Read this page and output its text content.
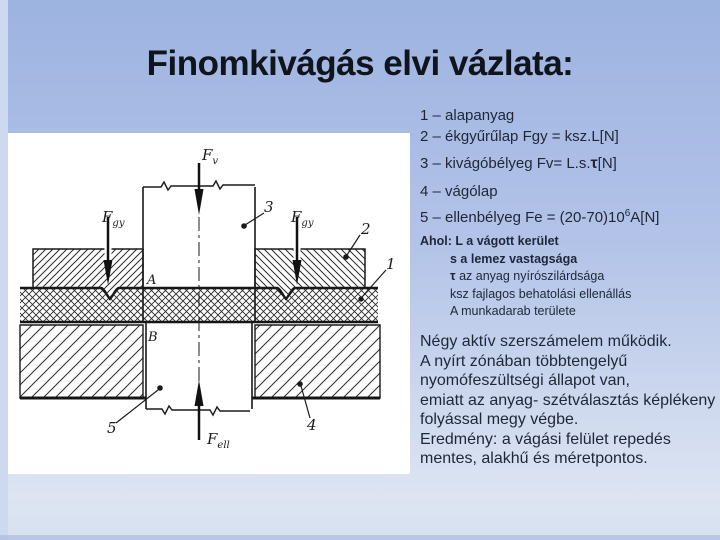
Finomkivágás elvi vázlata:
$F_v$
$F_{gy}$	$F_{gy}$
$F_{ell}$
3
2
1
4
5
A
B
1 – alapanyag
2 – ékgyűrűlap Fgy = ksz.L[N]
3 – kivágóbélyeg Fv= L.s.τ[N]
4 – vágólap
5 – ellenbélyeg $Fe = (20-70)10^6A[N]$
Ahol: L a vágott kerület
s a lemez vastagsága
τ az anyag nyírószilárdsága
ksz fajlagos behatolási ellenállás
A munkadarab területe

Négy aktív szerszámelem működik.

A nyírt zónában többtengelyű nyomófeszültségi állapot van,

emiatt az anyag- szétválasztás képlékeny folyással megy végbe.

Eredmény: a vágási felület repedés mentes, alakhű és méretpontos.
